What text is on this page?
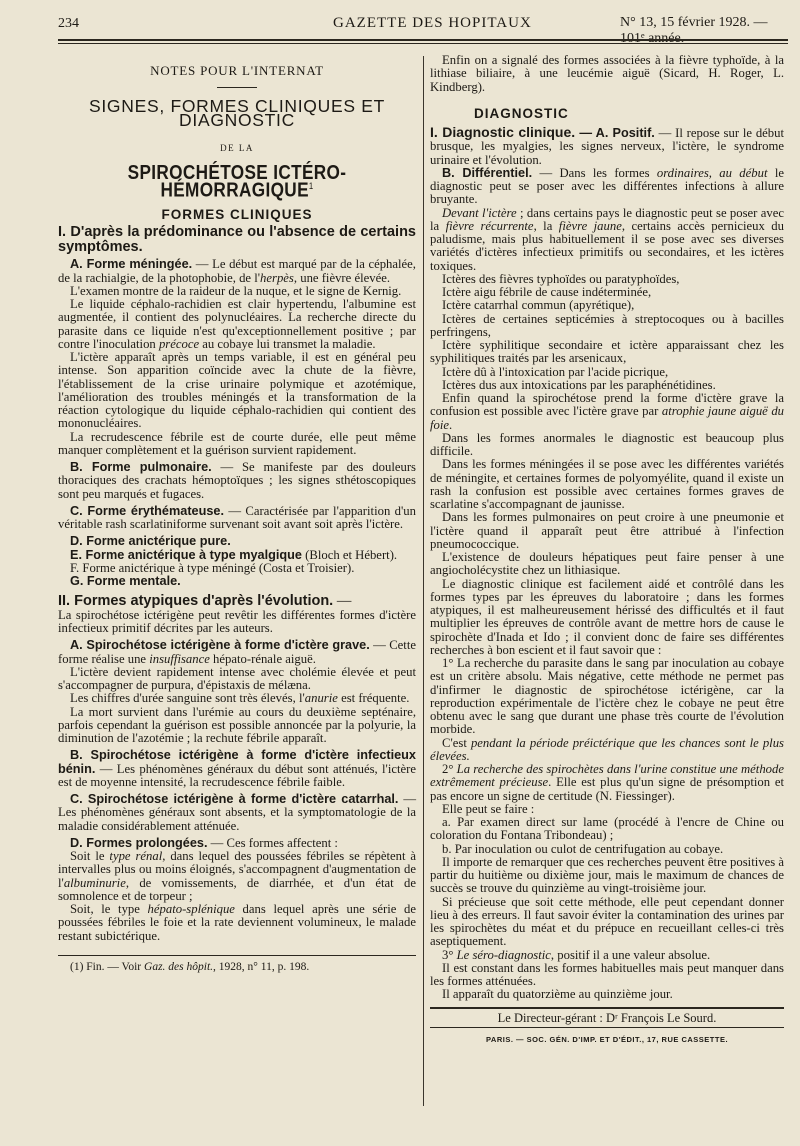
234	GAZETTE DES HOPITAUX	N° 13, 15 février 1928. — 101ᵉ année.
NOTES POUR L'INTERNAT
SIGNES, FORMES CLINIQUES ET DIAGNOSTIC
DE LA
SPIROCHÉTOSE ICTÉRO-HÉMORRAGIQUE$^1$
FORMES CLINIQUES
I. D'après la prédominance ou l'absence de certains symptômes.

A. Forme méningée. — Le début est marqué par de la céphalée, de la rachialgie, de la photophobie, de l'herpès, une fièvre élevée.

L'examen montre de la raideur de la nuque, et le signe de Kernig.

Le liquide céphalo-rachidien est clair hypertendu, l'albumine est augmentée, il contient des polynucléaires. La recherche directe du parasite dans ce liquide n'est qu'exceptionnellement positive ; par contre l'inoculation précoce au cobaye lui transmet la maladie.

L'ictère apparaît après un temps variable, il est en général peu intense. Son apparition coïncide avec la chute de la fièvre, l'établissement de la crise urinaire polymique et azotémique, l'amélioration des troubles méningés et la transformation de la réaction cytologique du liquide céphalo-rachidien qui contient des mononucléaires.

La recrudescence fébrile est de courte durée, elle peut même manquer complètement et la guérison survient rapidement.

B. Forme pulmonaire. — Se manifeste par des douleurs thoraciques des crachats hémoptoïques ; les signes sthétoscopiques sont peu marqués et fugaces.

C. Forme érythémateuse. — Caractérisée par l'apparition d'un véritable rash scarlatiniforme survenant soit avant soit après l'ictère.

D. Forme anictérique pure.

E. Forme anictérique à type myalgique (Bloch et Hébert).

F. Forme anictérique à type méningé (Costa et Troisier).

G. Forme mentale.

II. Formes atypiques d'après l'évolution. —

La spirochétose ictérigène peut revêtir les différentes formes d'ictère infectieux primitif décrites par les auteurs.

A. Spirochétose ictérigène à forme d'ictère grave. — Cette forme réalise une insuffisance hépato-rénale aiguë.

L'ictère devient rapidement intense avec cholémie élevée et peut s'accompagner de purpura, d'épistaxis de mélæna.

Les chiffres d'urée sanguine sont très élevés, l'anurie est fréquente.

La mort survient dans l'urémie au cours du deuxième septénaire, parfois cependant la guérison est possible annoncée par la polyurie, la diminution de l'azotémie ; la rechute fébrile apparaît.

B. Spirochétose ictérigène à forme d'ictère infectieux bénin. — Les phénomènes généraux du début sont atténués, l'ictère est de moyenne intensité, la recrudescence fébrile faible.

C. Spirochétose ictérigène à forme d'ictère catarrhal. — Les phénomènes généraux sont absents, et la symptomatologie de la maladie considérablement atténuée.

D. Formes prolongées. — Ces formes affectent :

Soit le type rénal, dans lequel des poussées fébriles se répètent à intervalles plus ou moins éloignés, s'accompagnent d'augmentation de l'albuminurie, de vomissements, de diarrhée, et d'un état de somnolence et de torpeur ;

Soit, le type hépato-splénique dans lequel après une série de poussées fébriles le foie et la rate deviennent volumineux, le malade restant subictérique.

(1) Fin. — Voir Gaz. des hôpit., 1928, n° 11, p. 198.

Enfin on a signalé des formes associées à la fièvre typhoïde, à la lithiase biliaire, à une leucémie aiguë (Sicard, H. Roger, L. Kindberg).

DIAGNOSTIC

I. Diagnostic clinique. — A. Positif. — Il repose sur le début brusque, les myalgies, les signes nerveux, l'ictère, le syndrome urinaire et l'évolution.

B. Différentiel. — Dans les formes ordinaires, au début le diagnostic peut se poser avec les différentes infections à allure bruyante.

Devant l'ictère ; dans certains pays le diagnostic peut se poser avec la fièvre récurrente, la fièvre jaune, certains accès pernicieux du paludisme, mais plus habituellement il se pose avec ses diverses variétés d'ictères infectieux primitifs ou secondaires, et les ictères toxiques.

Ictères des fièvres typhoïdes ou paratyphoïdes,

Ictère aigu fébrile de cause indéterminée,

Ictère catarrhal commun (apyrétique),

Ictères de certaines septicémies à streptocoques ou à bacilles perfringens,

Ictère syphilitique secondaire et ictère apparaissant chez les syphilitiques traités par les arsenicaux,

Ictère dû à l'intoxication par l'acide picrique,

Ictères dus aux intoxications par les paraphénétidines.

Enfin quand la spirochétose prend la forme d'ictère grave la confusion est possible avec l'ictère grave par atrophie jaune aiguë du foie.

Dans les formes anormales le diagnostic est beaucoup plus difficile.

Dans les formes méningées il se pose avec les différentes variétés de méningite, et certaines formes de polyomyélite, quand il existe un rash la confusion est possible avec certaines formes graves de scarlatine s'accompagnant de jaunisse.

Dans les formes pulmonaires on peut croire à une pneumonie et l'ictère quand il apparaît peut être attribué à l'infection pneumococcique.

L'existence de douleurs hépatiques peut faire penser à une angiocholécystite chez un lithiasique.

Le diagnostic clinique est facilement aidé et contrôlé dans les formes types par les épreuves du laboratoire ; dans les formes atypiques, il est malheureusement hérissé des difficultés et il faut multiplier les épreuves de contrôle avant de mettre hors de cause le spirochète d'Inada et Ido ; il convient donc de faire ses différentes recherches à bon escient et il faut savoir que :

1° La recherche du parasite dans le sang par inoculation au cobaye est un critère absolu. Mais négative, cette méthode ne permet pas d'infirmer le diagnostic de spirochétose ictérigène, car la reproduction expérimentale de l'ictère chez le cobaye ne peut être obtenu avec le sang que durant une phase très courte de l'évolution morbide.

C'est pendant la période préictérique que les chances sont le plus élevées.

2° La recherche des spirochètes dans l'urine constitue une méthode extrêmement précieuse. Elle est plus qu'un signe de présomption et pas encore un signe de certitude (N. Fiessinger).

Elle peut se faire :

a. Par examen direct sur lame (procédé à l'encre de Chine ou coloration du Fontana Tribondeau) ;

b. Par inoculation ou culot de centrifugation au cobaye.

Il importe de remarquer que ces recherches peuvent être positives à partir du huitième ou dixième jour, mais le maximum de chances de succès se trouve du quinzième au vingt-troisième jour.

Si précieuse que soit cette méthode, elle peut cependant donner lieu à des erreurs. Il faut savoir éviter la contamination des urines par les spirochètes du méat et du prépuce en recueillant celles-ci très aseptiquement.

3° Le séro-diagnostic, positif il a une valeur absolue.

Il est constant dans les formes habituelles mais peut manquer dans les formes atténuées.

Il apparaît du quatorzième au quinzième jour.

Le Directeur-gérant : Dʳ François Le Sourd.
PARIS. — SOC. GÉN. D'IMP. ET D'ÉDIT., 17, RUE CASSETTE.
